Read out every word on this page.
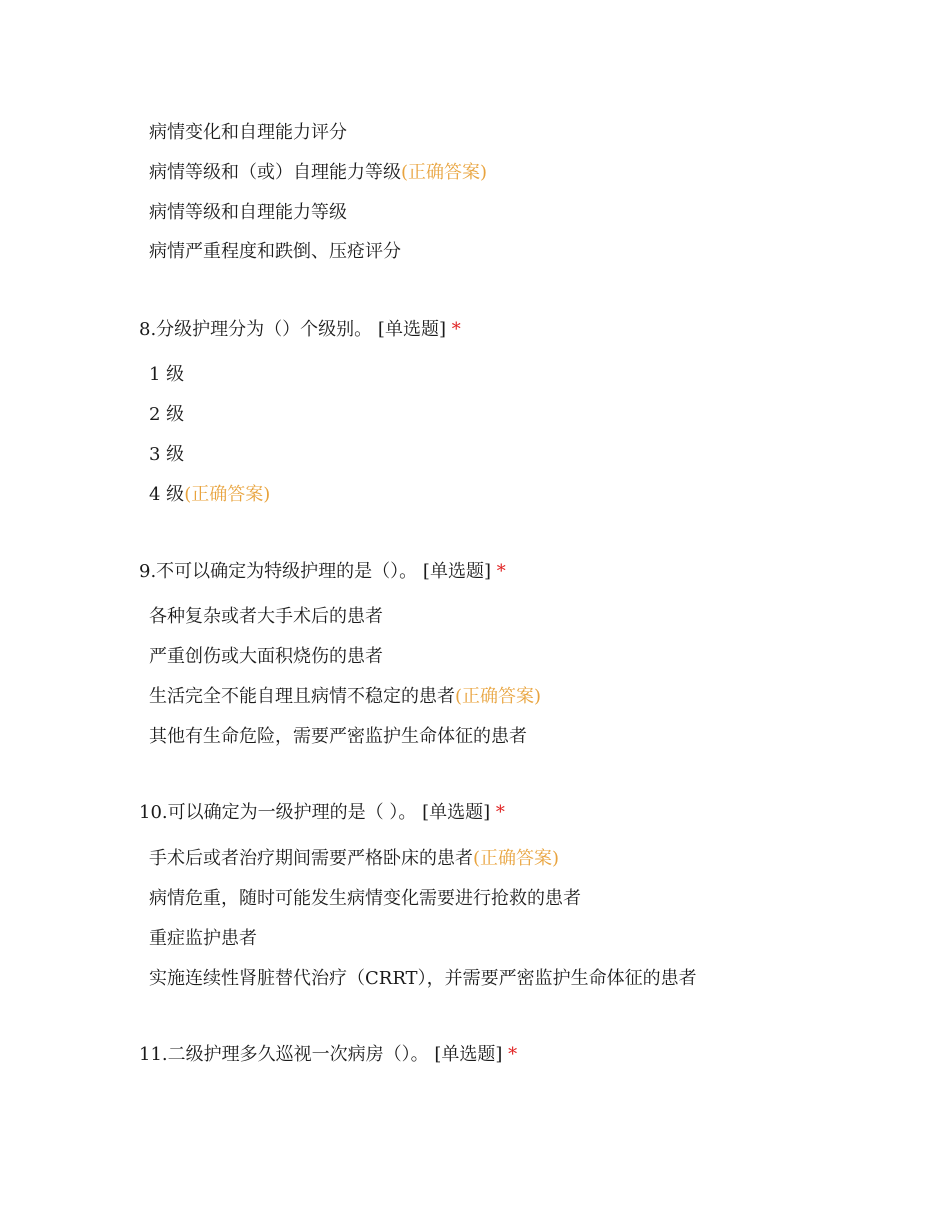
病情变化和自理能力评分
病情等级和（或）自理能力等级(正确答案)
病情等级和自理能力等级
病情严重程度和跌倒、压疮评分
8.分级护理分为（）个级别。 [单选题] *
1 级
2 级
3 级
4 级(正确答案)
9.不可以确定为特级护理的是（）。 [单选题] *
各种复杂或者大手术后的患者
严重创伤或大面积烧伤的患者
生活完全不能自理且病情不稳定的患者(正确答案)
其他有生命危险，需要严密监护生命体征的患者
10.可以确定为一级护理的是（ ）。 [单选题] *
手术后或者治疗期间需要严格卧床的患者(正确答案)
病情危重，随时可能发生病情变化需要进行抢救的患者
重症监护患者
实施连续性肾脏替代治疗（CRRT），并需要严密监护生命体征的患者
11.二级护理多久巡视一次病房（）。 [单选题] *
